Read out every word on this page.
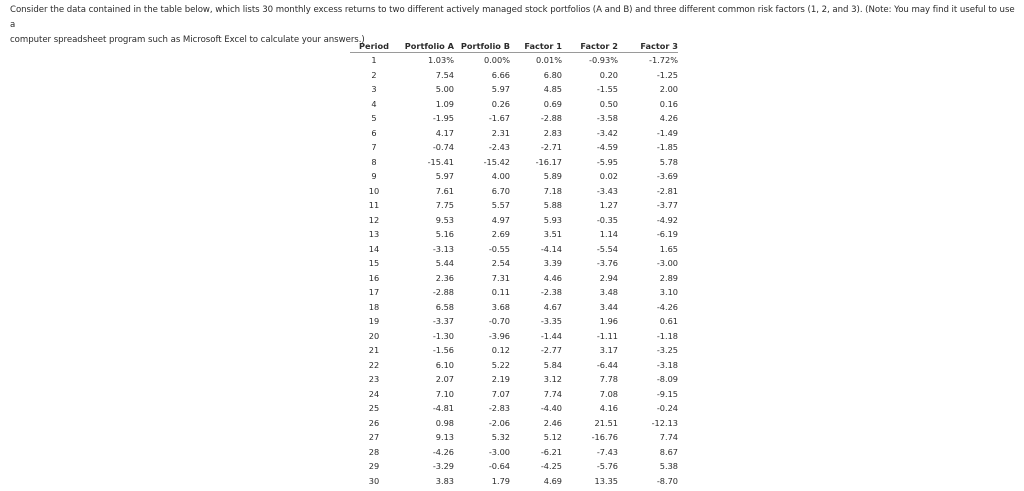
Consider the data contained in the table below, which lists 30 monthly excess returns to two different actively managed stock portfolios (A and B) and three different common risk factors (1, 2, and 3). (Note: You may find it useful to use a

computer spreadsheet program such as Microsoft Excel to calculate your answers.)

Period	Portfolio A	Portfolio B	Factor 1	Factor 2	Factor 3
1	1.03%	0.00%	0.01%	-0.93%	-1.72%
2	7.54	6.66	6.80	0.20	-1.25
3	5.00	5.97	4.85	-1.55	2.00
4	1.09	0.26	0.69	0.50	0.16
5	-1.95	-1.67	-2.88	-3.58	4.26
6	4.17	2.31	2.83	-3.42	-1.49
7	-0.74	-2.43	-2.71	-4.59	-1.85
8	-15.41	-15.42	-16.17	-5.95	5.78
9	5.97	4.00	5.89	0.02	-3.69
10	7.61	6.70	7.18	-3.43	-2.81
11	7.75	5.57	5.88	1.27	-3.77
12	9.53	4.97	5.93	-0.35	-4.92
13	5.16	2.69	3.51	1.14	-6.19
14	-3.13	-0.55	-4.14	-5.54	1.65
15	5.44	2.54	3.39	-3.76	-3.00
16	2.36	7.31	4.46	2.94	2.89
17	-2.88	0.11	-2.38	3.48	3.10
18	6.58	3.68	4.67	3.44	-4.26
19	-3.37	-0.70	-3.35	1.96	0.61
20	-1.30	-3.96	-1.44	-1.11	-1.18
21	-1.56	0.12	-2.77	3.17	-3.25
22	6.10	5.22	5.84	-6.44	-3.18
23	2.07	2.19	3.12	7.78	-8.09
24	7.10	7.07	7.74	7.08	-9.15
25	-4.81	-2.83	-4.40	4.16	-0.24
26	0.98	-2.06	2.46	21.51	-12.13
27	9.13	5.32	5.12	-16.76	7.74
28	-4.26	-3.00	-6.21	-7.43	8.67
29	-3.29	-0.64	-4.25	-5.76	5.38
30	3.83	1.79	4.69	13.35	-8.70
